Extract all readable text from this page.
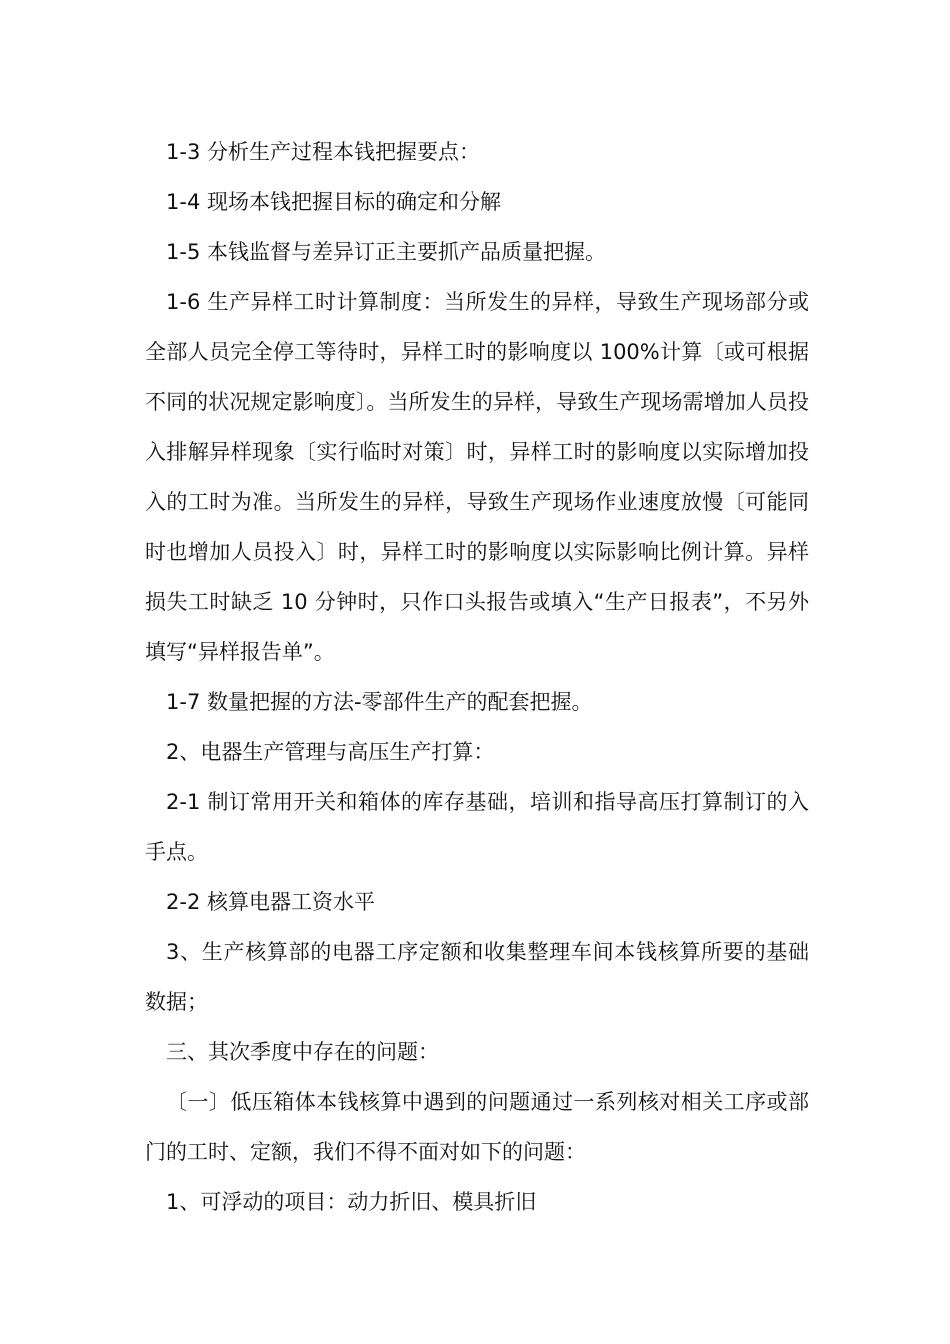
1-3 分析生产过程本钱把握要点：

1-4 现场本钱把握目标的确定和分解

1-5 本钱监督与差异订正主要抓产品质量把握。

1-6 生产异样工时计算制度：当所发生的异样，导致生产现场部分或全部人员完全停工等待时，异样工时的影响度以 100%计算〔或可根据不同的状况规定影响度〕。当所发生的异样，导致生产现场需增加人员投入排解异样现象〔实行临时对策〕时，异样工时的影响度以实际增加投入的工时为准。当所发生的异样，导致生产现场作业速度放慢〔可能同时也增加人员投入〕时，异样工时的影响度以实际影响比例计算。异样损失工时缺乏 10 分钟时，只作口头报告或填入“生产日报表”，不另外填写“异样报告单”。

1-7 数量把握的方法-零部件生产的配套把握。

2、电器生产管理与高压生产打算：

2-1 制订常用开关和箱体的库存基础，培训和指导高压打算制订的入手点。

2-2 核算电器工资水平

3、生产核算部的电器工序定额和收集整理车间本钱核算所要的基础数据；

三、其次季度中存在的问题：

〔一〕低压箱体本钱核算中遇到的问题通过一系列核对相关工序或部门的工时、定额，我们不得不面对如下的问题：

1、可浮动的项目：动力折旧、模具折旧
